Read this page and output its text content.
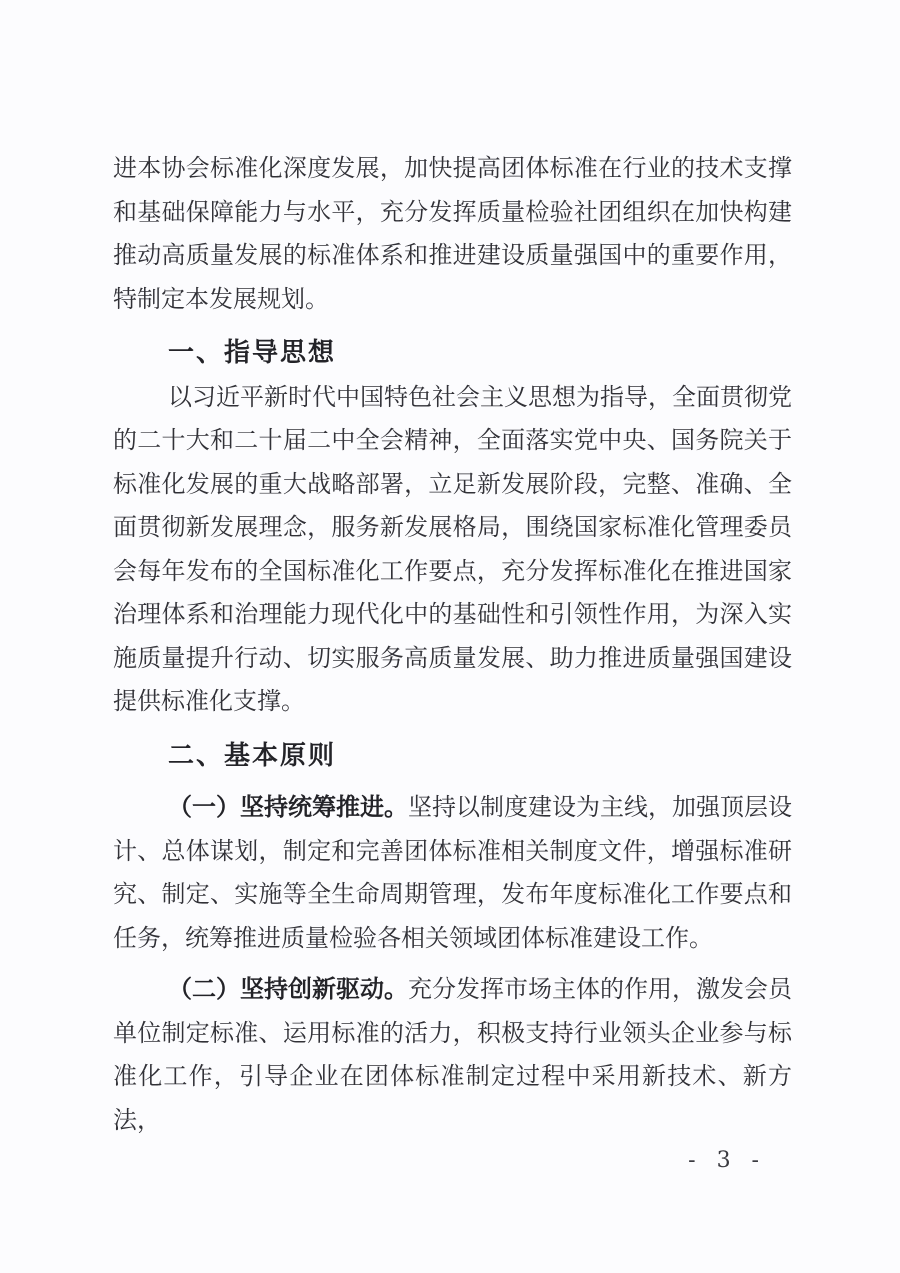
进本协会标准化深度发展，加快提高团体标准在行业的技术支撑和基础保障能力与水平，充分发挥质量检验社团组织在加快构建推动高质量发展的标准体系和推进建设质量强国中的重要作用，特制定本发展规划。

一、指导思想

以习近平新时代中国特色社会主义思想为指导，全面贯彻党的二十大和二十届二中全会精神，全面落实党中央、国务院关于标准化发展的重大战略部署，立足新发展阶段，完整、准确、全面贯彻新发展理念，服务新发展格局，围绕国家标准化管理委员会每年发布的全国标准化工作要点，充分发挥标准化在推进国家治理体系和治理能力现代化中的基础性和引领性作用，为深入实施质量提升行动、切实服务高质量发展、助力推进质量强国建设提供标准化支撑。

二、基本原则

（一）坚持统筹推进。坚持以制度建设为主线，加强顶层设计、总体谋划，制定和完善团体标准相关制度文件，增强标准研究、制定、实施等全生命周期管理，发布年度标准化工作要点和任务，统筹推进质量检验各相关领域团体标准建设工作。

（二）坚持创新驱动。充分发挥市场主体的作用，激发会员单位制定标准、运用标准的活力，积极支持行业领头企业参与标准化工作，引导企业在团体标准制定过程中采用新技术、新方法，

- 3 -
